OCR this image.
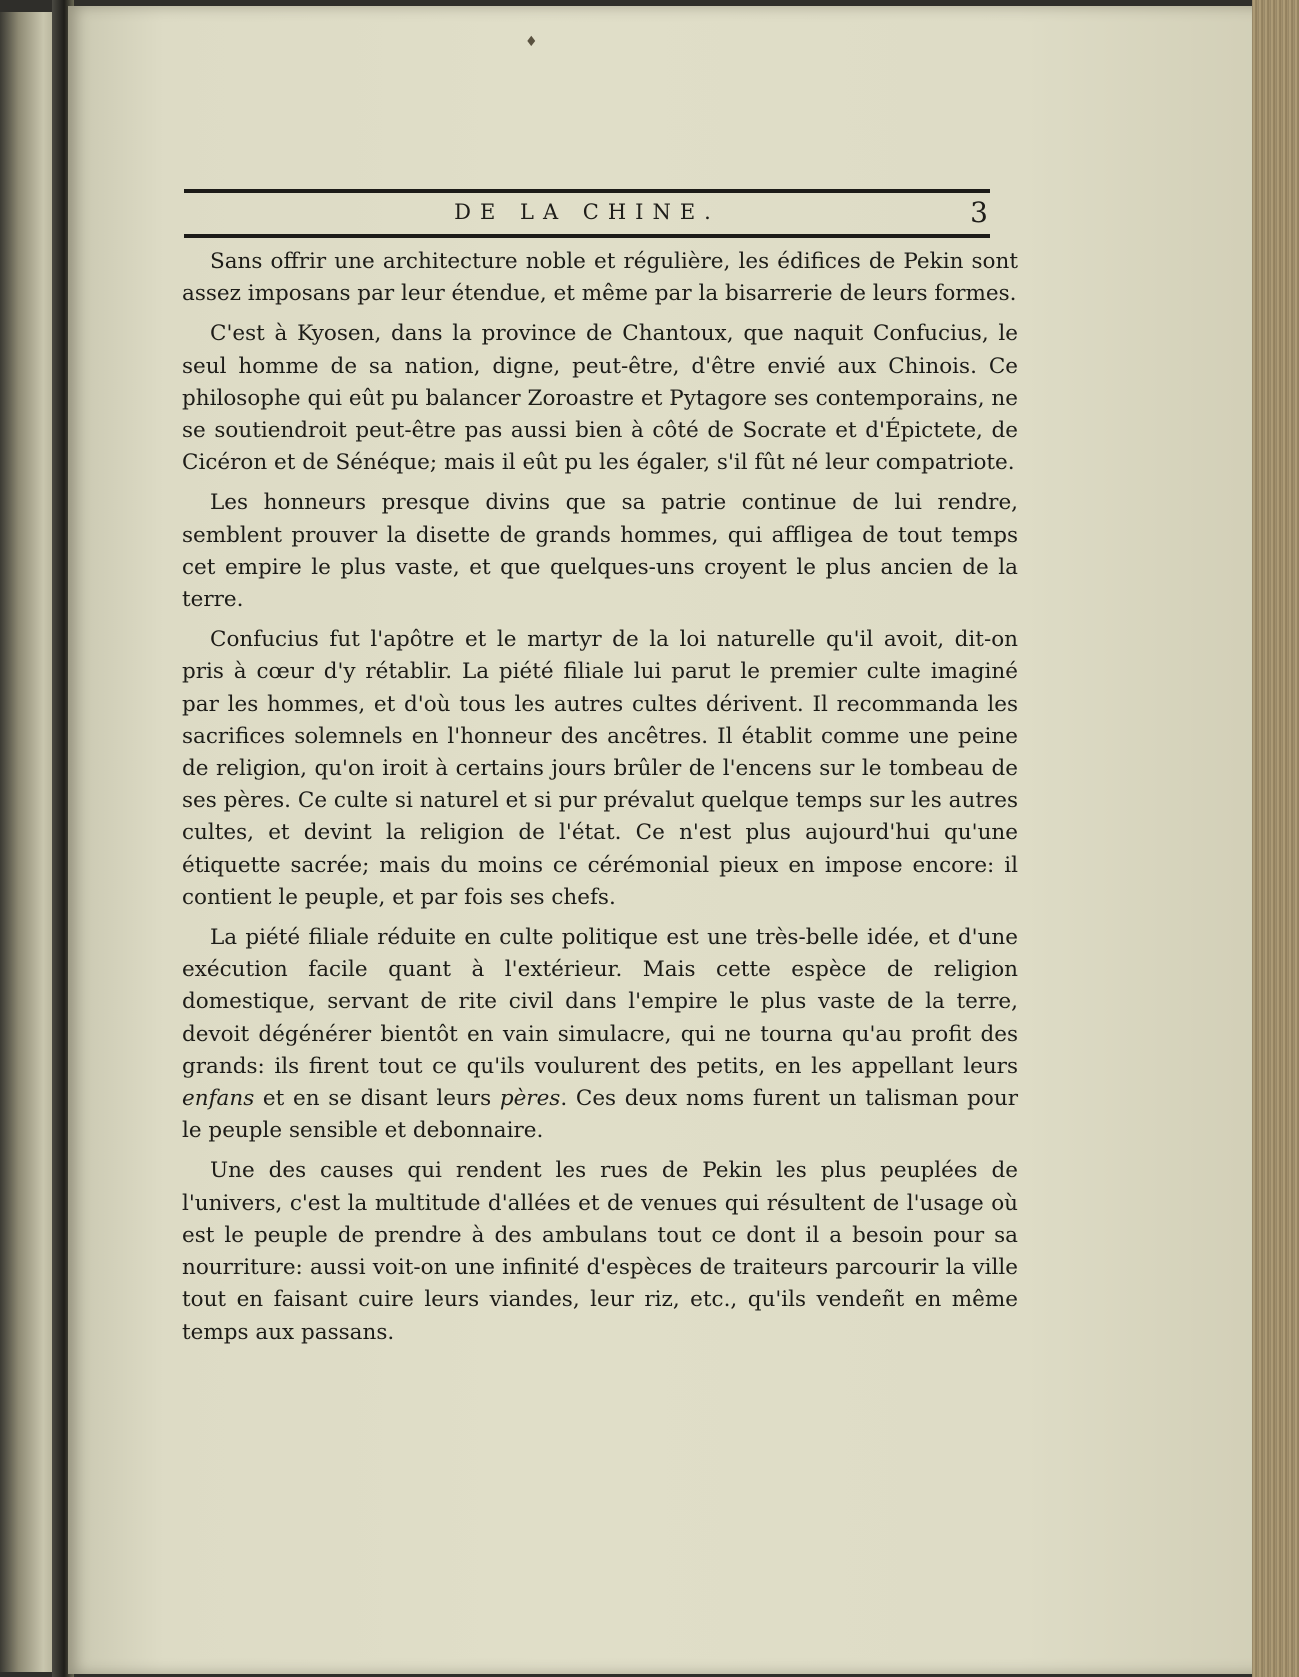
DE LA CHINE.	3
♦

Sans offrir une architecture noble et régulière, les édifices de Pekin sont assez imposans par leur étendue, et même par la bisarrerie de leurs formes.

C'est à Kyosen, dans la province de Chantoux, que naquit Confucius, le seul homme de sa nation, digne, peut-être, d'être envié aux Chinois. Ce philosophe qui eût pu balancer Zoroastre et Pytagore ses contemporains, ne se soutiendroit peut-être pas aussi bien à côté de Socrate et d'Épictete, de Cicéron et de Sénéque; mais il eût pu les égaler, s'il fût né leur compatriote.

Les honneurs presque divins que sa patrie continue de lui rendre, semblent prouver la disette de grands hommes, qui affligea de tout temps cet empire le plus vaste, et que quelques-uns croyent le plus ancien de la terre.

Confucius fut l'apôtre et le martyr de la loi naturelle qu'il avoit, dit-on pris à cœur d'y rétablir. La piété filiale lui parut le premier culte imaginé par les hommes, et d'où tous les autres cultes dérivent. Il recommanda les sacrifices solemnels en l'honneur des ancêtres. Il établit comme une peine de religion, qu'on iroit à certains jours brûler de l'encens sur le tombeau de ses pères. Ce culte si naturel et si pur prévalut quelque temps sur les autres cultes, et devint la religion de l'état. Ce n'est plus aujourd'hui qu'une étiquette sacrée; mais du moins ce cérémonial pieux en impose encore: il contient le peuple, et par fois ses chefs.

La piété filiale réduite en culte politique est une très-belle idée, et d'une exécution facile quant à l'extérieur. Mais cette espèce de religion domestique, servant de rite civil dans l'empire le plus vaste de la terre, devoit dégénérer bientôt en vain simulacre, qui ne tourna qu'au profit des grands: ils firent tout ce qu'ils voulurent des petits, en les appellant leurs enfans et en se disant leurs pères. Ces deux noms furent un talisman pour le peuple sensible et debonnaire.

Une des causes qui rendent les rues de Pekin les plus peuplées de l'univers, c'est la multitude d'allées et de venues qui résultent de l'usage où est le peuple de prendre à des ambulans tout ce dont il a besoin pour sa nourriture: aussi voit-on une infinité d'espèces de traiteurs parcourir la ville tout en faisant cuire leurs viandes, leur riz, etc., qu'ils vendeñt en même temps aux passans.
